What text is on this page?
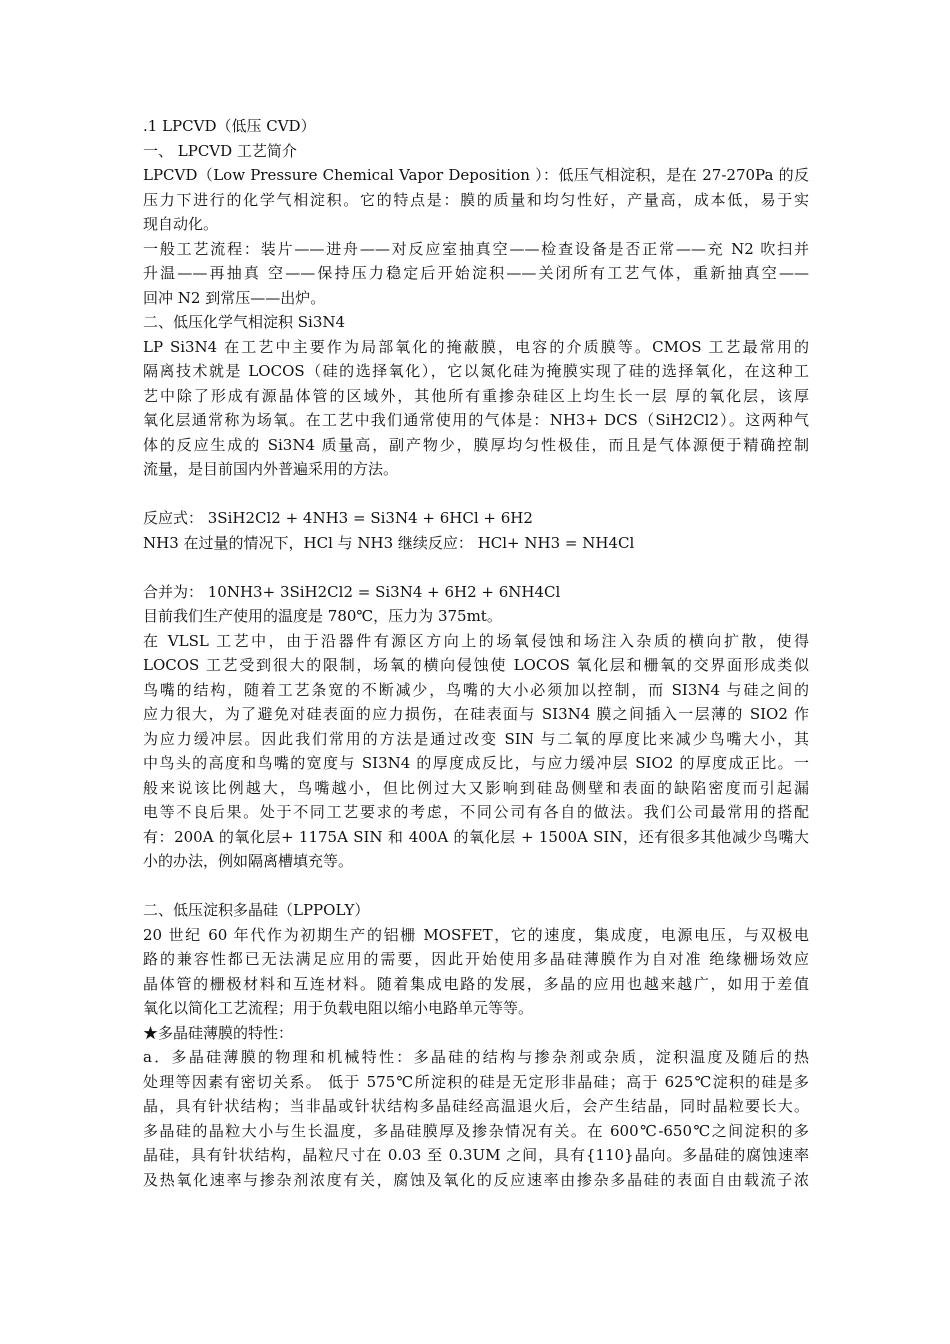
.1 LPCVD（低压 CVD）
一、 LPCVD 工艺简介
LPCVD（Low Pressure Chemical Vapor Deposition ）：低压气相淀积，是在 27-270Pa 的反
压力下进行的化学气相淀积。它的特点是：膜的质量和均匀性好，产量高，成本低，易于实
现自动化。
一般工艺流程：装片——进舟——对反应室抽真空——检查设备是否正常——充 N2 吹扫并
升温——再抽真 空——保持压力稳定后开始淀积——关闭所有工艺气体，重新抽真空——
回冲 N2 到常压——出炉。
二、低压化学气相淀积 Si3N4
LP Si3N4 在工艺中主要作为局部氧化的掩蔽膜，电容的介质膜等。CMOS 工艺最常用的
隔离技术就是 LOCOS（硅的选择氧化），它以氮化硅为掩膜实现了硅的选择氧化，在这种工
艺中除了形成有源晶体管的区域外，其他所有重掺杂硅区上均生长一层 厚的氧化层，该厚
氧化层通常称为场氧。在工艺中我们通常使用的气体是：NH3+ DCS（SiH2Cl2）。这两种气
体的反应生成的 Si3N4 质量高，副产物少，膜厚均匀性极佳，而且是气体源便于精确控制
流量，是目前国内外普遍采用的方法。
反应式： 3SiH2Cl2 + 4NH3 = Si3N4 + 6HCl + 6H2
NH3 在过量的情况下，HCl 与 NH3 继续反应： HCl+ NH3 = NH4Cl
合并为： 10NH3+ 3SiH2Cl2 = Si3N4 + 6H2 + 6NH4Cl
目前我们生产使用的温度是 780℃，压力为 375mt。
在 VLSL 工艺中，由于沿器件有源区方向上的场氧侵蚀和场注入杂质的横向扩散，使得
LOCOS 工艺受到很大的限制，场氧的横向侵蚀使 LOCOS 氧化层和栅氧的交界面形成类似
鸟嘴的结构，随着工艺条宽的不断减少，鸟嘴的大小必须加以控制，而 SI3N4 与硅之间的
应力很大，为了避免对硅表面的应力损伤，在硅表面与 SI3N4 膜之间插入一层薄的 SIO2 作
为应力缓冲层。因此我们常用的方法是通过改变 SIN 与二氧的厚度比来减少鸟嘴大小，其
中鸟头的高度和鸟嘴的宽度与 SI3N4 的厚度成反比，与应力缓冲层 SIO2 的厚度成正比。一
般来说该比例越大，鸟嘴越小，但比例过大又影响到硅岛侧壁和表面的缺陷密度而引起漏
电等不良后果。处于不同工艺要求的考虑，不同公司有各自的做法。我们公司最常用的搭配
有：200A 的氧化层+ 1175A SIN 和 400A 的氧化层 + 1500A SIN，还有很多其他减少鸟嘴大
小的办法，例如隔离槽填充等。
二、低压淀积多晶硅（LPPOLY）
20 世纪 60 年代作为初期生产的铝栅 MOSFET，它的速度，集成度，电源电压，与双极电
路的兼容性都已无法满足应用的需要，因此开始使用多晶硅薄膜作为自对准 绝缘栅场效应
晶体管的栅极材料和互连材料。随着集成电路的发展，多晶的应用也越来越广，如用于差值
氧化以简化工艺流程；用于负载电阻以缩小电路单元等等。
★多晶硅薄膜的特性：
a．多晶硅薄膜的物理和机械特性：多晶硅的结构与掺杂剂或杂质，淀积温度及随后的热
处理等因素有密切关系。 低于 575℃所淀积的硅是无定形非晶硅；高于 625℃淀积的硅是多
晶，具有针状结构；当非晶或针状结构多晶硅经高温退火后，会产生结晶，同时晶粒要长大。
多晶硅的晶粒大小与生长温度，多晶硅膜厚及掺杂情况有关。在 600℃-650℃之间淀积的多
晶硅，具有针状结构，晶粒尺寸在 0.03 至 0.3UM 之间，具有{110}晶向。多晶硅的腐蚀速率
及热氧化速率与掺杂剂浓度有关，腐蚀及氧化的反应速率由掺杂多晶硅的表面自由载流子浓
